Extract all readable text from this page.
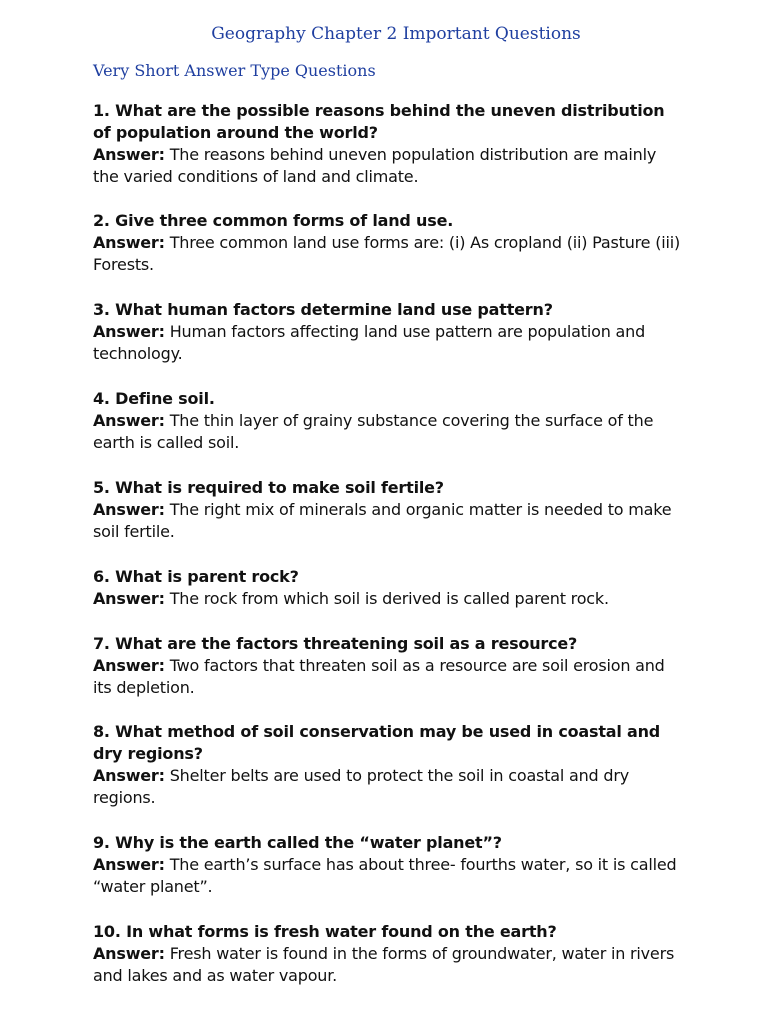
Geography Chapter 2 Important Questions
Very Short Answer Type Questions

1. What are the possible reasons behind the uneven distribution of population around the world?

Answer: The reasons behind uneven population distribution are mainly the varied conditions of land and climate.

2. Give three common forms of land use.

Answer: Three common land use forms are: (i) As cropland (ii) Pasture (iii) Forests.

3. What human factors determine land use pattern?

Answer: Human factors affecting land use pattern are population and technology.

4. Define soil.

Answer: The thin layer of grainy substance covering the surface of the earth is called soil.

5. What is required to make soil fertile?

Answer: The right mix of minerals and organic matter is needed to make soil fertile.

6. What is parent rock?

Answer: The rock from which soil is derived is called parent rock.

7. What are the factors threatening soil as a resource?

Answer: Two factors that threaten soil as a resource are soil erosion and its depletion.

8. What method of soil conservation may be used in coastal and dry regions?

Answer: Shelter belts are used to protect the soil in coastal and dry regions.

9. Why is the earth called the “water planet”?

Answer: The earth’s surface has about three- fourths water, so it is called “water planet”.

10. In what forms is fresh water found on the earth?

Answer: Fresh water is found in the forms of groundwater, water in rivers and lakes and as water vapour.
